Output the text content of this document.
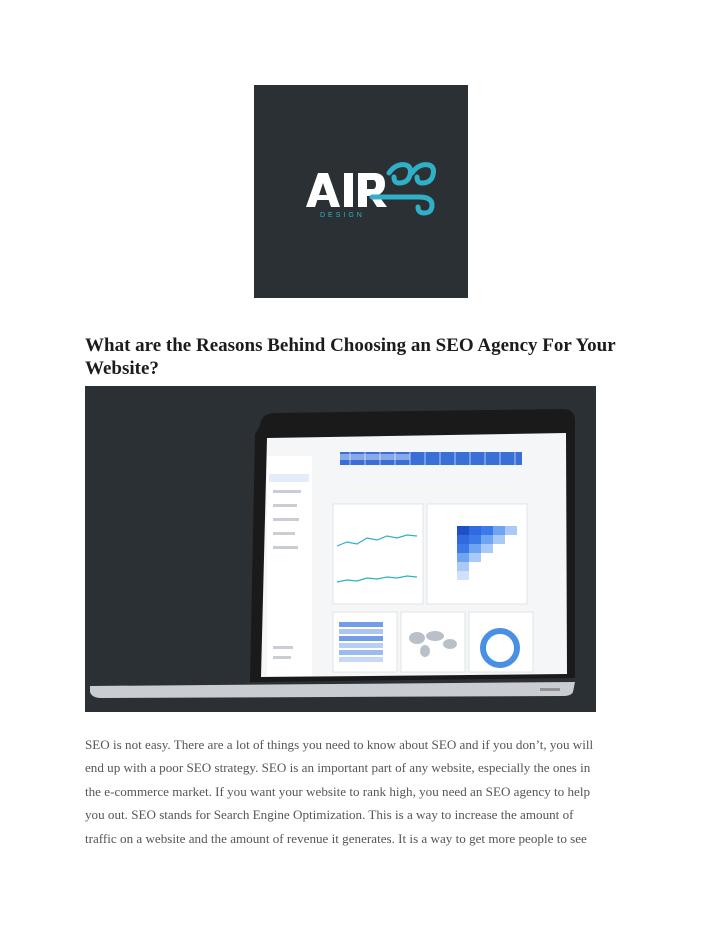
DESIGN
What are the Reasons Behind Choosing an SEO Agency For Your
Website?

SEO is not easy. There are a lot of things you need to know about SEO and if you don’t, you will
end up with a poor SEO strategy. SEO is an important part of any website, especially the ones in
the e-commerce market. If you want your website to rank high, you need an SEO agency to help
you out. SEO stands for Search Engine Optimization. This is a way to increase the amount of
traffic on a website and the amount of revenue it generates. It is a way to get more people to see
